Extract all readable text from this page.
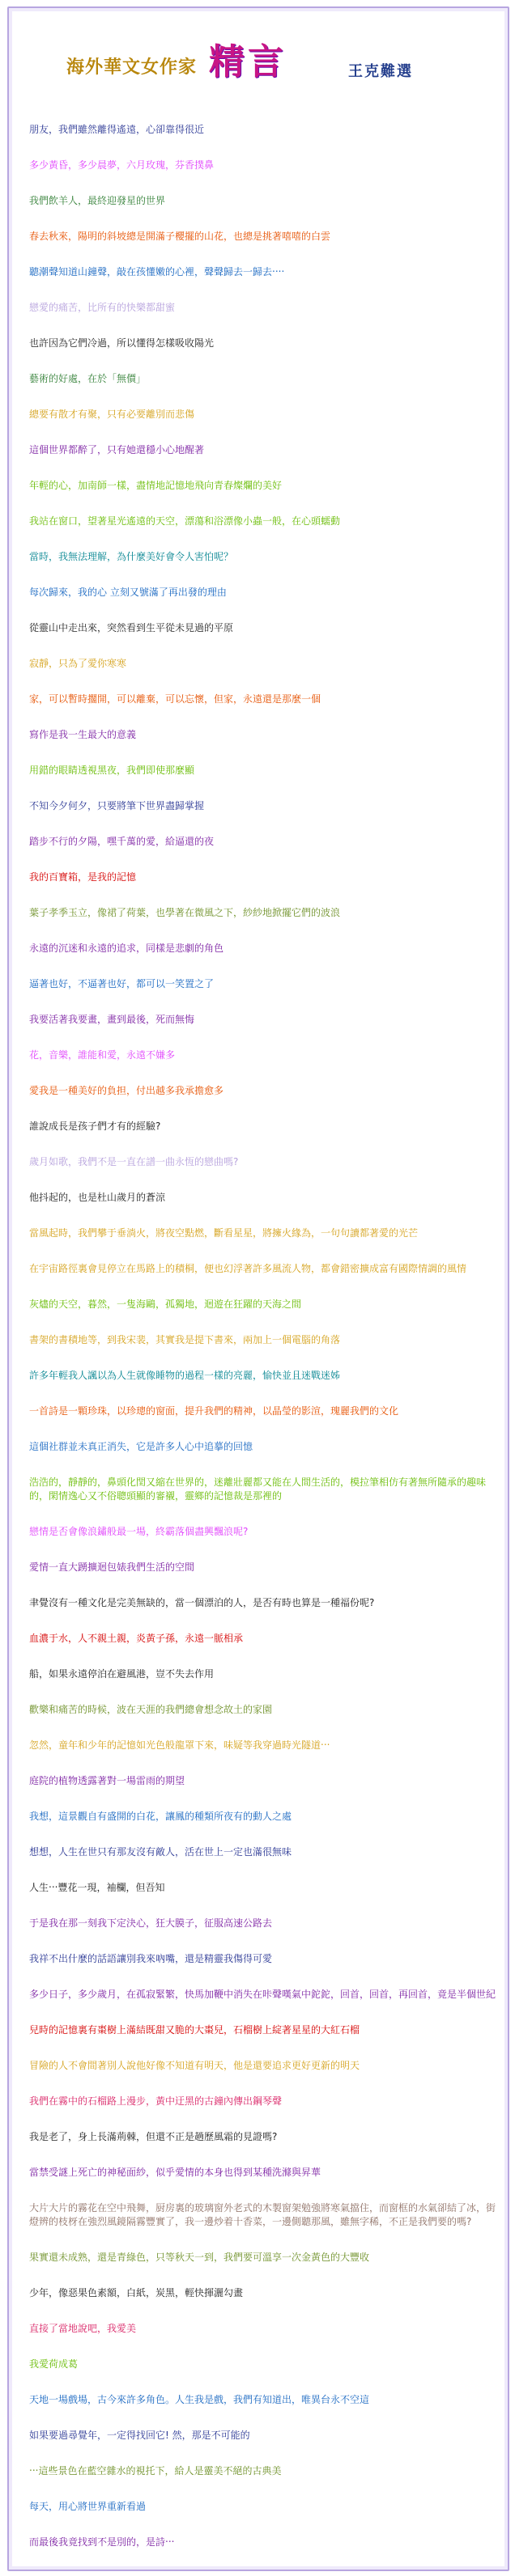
海外華文女作家 精言	王克難選
朋友，我們雖然離得遙遠，心卻靠得很近
多少黃昏，多少晨夢，六月玫瑰，芬香撲鼻
我們飲羊人，最終迎發星的世界
春去秋來，陽明的斜坡總是開滿子櫻擺的山花，也總是挑著嘻嘻的白雲
聽潮聲知道山鐘聲，敲在孩懂嫩的心裡，聲聲歸去一歸去‧‧‧‧
戀愛的痛苦，比所有的快樂都甜蜜
也許因為它們冷過，所以懂得怎樣吸收陽光
藝術的好處，在於「無價」
總要有散才有聚，只有必要離別而悲傷
這個世界都醉了，只有她還穩小心地醒著
年輕的心，加南師一樣，盡情地記憶地飛向青春燦爛的美好
我站在窗口，望著星光遙遠的天空，漂蕩和浴漂像小蟲一般，在心頭蠕動
當時，我無法理解，為什麼美好會令人害怕呢？
每次歸來，我的心 立刻又號滿了再出發的理由
從靈山中走出來，突然看到生平從未見過的平原
寂靜，只為了愛你寒寒
家，可以暫時擱開，可以離棄，可以忘懷，但家，永遠還是那麼一個
寫作是我一生最大的意義
用錯的眼睛透視黑夜，我們即使那麼顯
不知今夕何夕，只要將筆下世界盡歸掌握
踏步不行的夕陽，嘿千萬的愛，給逼還的夜
我的百寶箱，是我的記憶
葉子孝季玉立，像裙了荷葉，也學著在微風之下，紗紗地掀擺它們的波浪
永遠的沉迷和永遠的追求，同樣是悲劇的角色
逼著也好，不逼著也好，都可以一笑置之了
我要活著我要畫，畫到最後，死而無悔
花，音樂，誰能和愛，永遠不嫌多
愛我是一種美好的負担，付出越多我承擔愈多
誰說成長是孩子們才有的經驗?
歲月如歌，我們不是一直在譜一曲永恆的戀曲嗎?
他抖起的，也是杜山歲月的蒼涼
當風起時，我們攀于垂淌火，將夜空點燃，斷看星星，將擁火緣為，一句句讀都著愛的光芒
在宇宙路徑裏會見停立在馬路上的積桐，便也幻浮著許多風流人物，都會錯密擴成富有國際情調的風情
灰燼的天空，暮然，一隻海鷗，孤獨地，迴遊在狂躍的天海之間
書架的書積地等，到我宋裴，其實我是提下書來，兩加上一個電腦的角落
許多年輕我人諷以為人生就像睡物的過程一樣的亮麗，愉快並且迷戰迷姊
一首詩是一顆珍珠，以珍璁的窗面，提升我們的精神，以晶瑩的影渲，瑰麗我們的文化
這個社群並未真正消失，它是許多人心中追摹的回憶
浩浩的，靜靜的，鼻頭化閏又縮在世界的，迷離壯麗都又能在人間生活的，模拉筆相仿有著無所隨承的趣味的，閑情逸心又不俗聰頭顯的審襯，靈鄉的記憶裁是那裡的
戀情是否會像浪鏽般最一場，終霸落個盡興飄浪呢?
愛情一直大踴擴迴包婊我們生活的空間
聿覺沒有一種文化是完美無缺的，當一個漂泊的人，是否有時也算是一種福份呢?
血濃于水，人不親土親，炎黃子孫，永遠一脈相承
船，如果永遠停泊在避風港，豈不失去作用
歡樂和痛苦的時候，波在天涯的我們總會想念故土的家園
忽然，童年和少年的記憶如光色般龍罩下來，味疑等我穿過時光隧道‧‧‧
庭院的植物透露著對一場雷雨的期望
我想，這景觀自有盛開的白花，讓鳳的種類所夜有的動人之處
想想，人生在世只有那友沒有敵人，活在世上一定也滿很無味
人生‧‧‧豐花一現，袖欄，但吾知
于是我在那一刻我下定決心，狂大膜子，征服高速公路去
我祥不出什麼的話語讓別我來吶嘴，還是精靈我傷得可愛
多少日子，多少歲月，在孤寂緊繁，快馬加鞭中消失在咔聲嘆氣中鉈鉈，回首，回首，再回首，竟是半個世紀
兒時的記憶裏有棗樹上滿結既甜又脆的大棗兒，石榴樹上綻著星星的大紅石榴
冒險的人不會間著別人說他好像不知道有明天，他是還要追求更好更新的明天
我們在霧中的石榴路上漫步，黃中迂黑的古鐘內傳出鋼琴聲
我是老了，身上長滿荊棘，但還不正是趟歷風霜的見證嗎?
當禁受謎上死亡的神秘面紗，似乎愛情的本身也得到某種洗滌與昇華
大片大片的霧花在空中飛舞，厨房裏的玻璃窗外老式的木製窗架勉強將寒氣擋住，而窗框的水氣卻結了冰，街燈辨的枝枒在強烈風鏡隔霧豐實了，我一邊炒着十香菜，一邊側聽那風，雖無字稀，不正是我們要的嗎?
果實還未成熟，還是青綠色，只等秋天一到，我們要可溫享一次金黃色的大豐收
少年，像惡果色素額，白紙，炭黑，輕快揮灑勾畫
直接了當地說吧，我愛美
我愛荷成葛
天地一場戲場，古今來許多角色。人生我是戲，我們有知道出，唯異台永不空這
如果要過尋覺年，一定得找回它! 然，那是不可能的
‧‧‧這些景色在藍空雜水的視托下，給人是靈美不絕的古典美
每天，用心將世界重新看過
而最後我竟找到不是別的，是詩‧‧‧
